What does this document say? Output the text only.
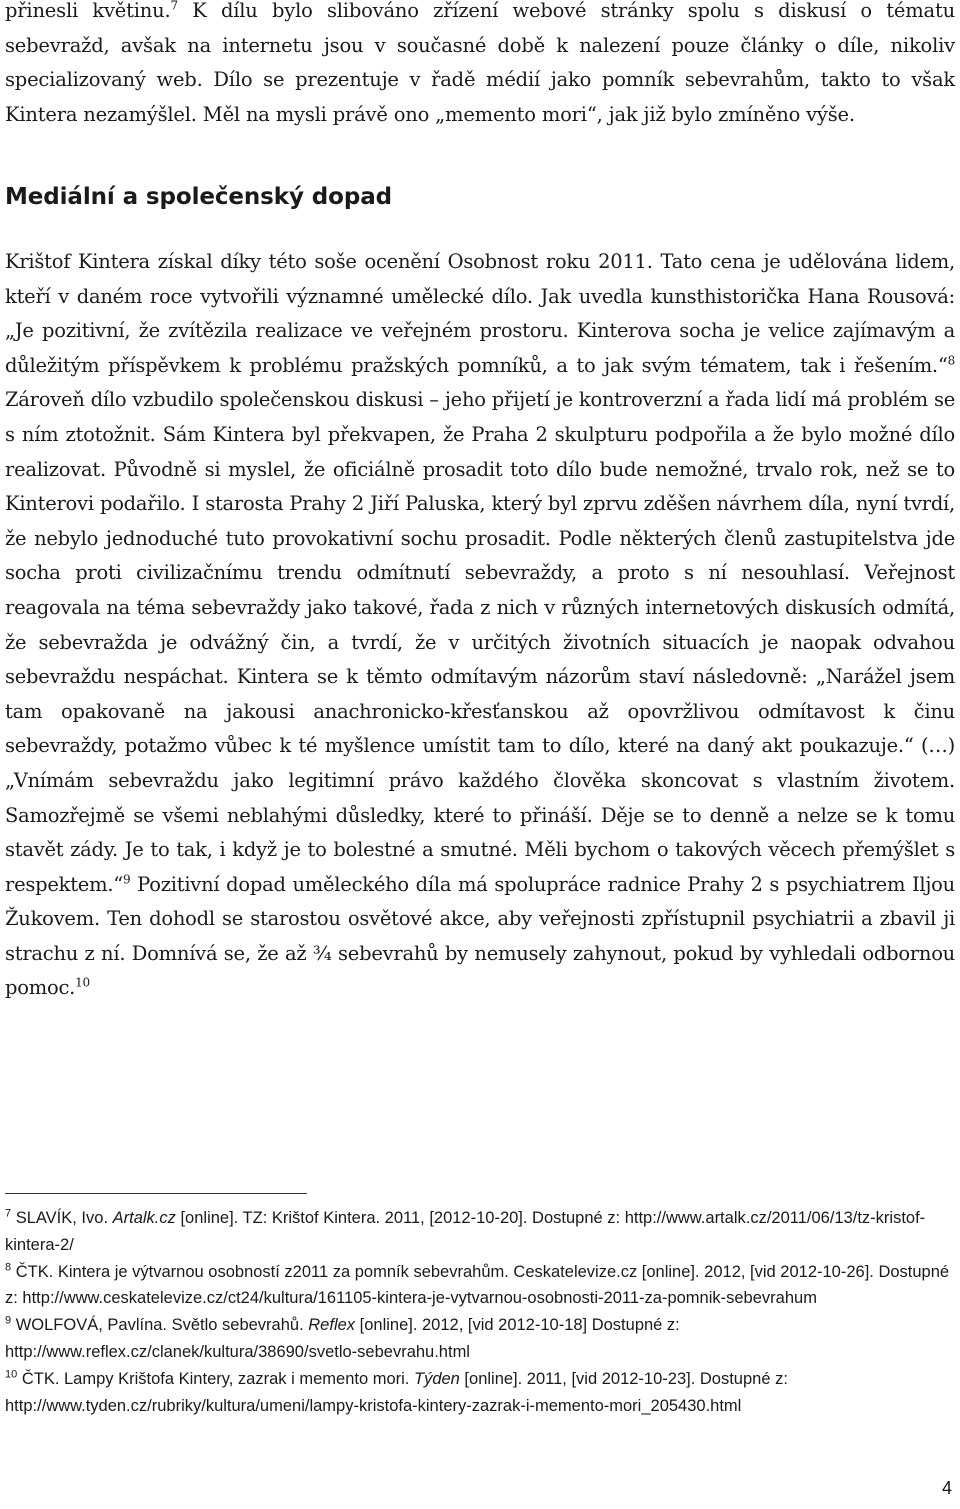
přinesli květinu.$^7$ K dílu bylo slibováno zřízení webové stránky spolu s diskusí o tématu sebevražd, avšak na internetu jsou v současné době k nalezení pouze články o díle, nikoliv specializovaný web. Dílo se prezentuje v řadě médií jako pomník sebevrahům, takto to však Kintera nezamýšlel. Měl na mysli právě ono „memento mori“, jak již bylo zmíněno výše.

Mediální a společenský dopad

Krištof Kintera získal díky této soše ocenění Osobnost roku 2011. Tato cena je udělována lidem, kteří v daném roce vytvořili významné umělecké dílo. Jak uvedla kunsthistorička Hana Rousová: „Je pozitivní, že zvítězila realizace ve veřejném prostoru. Kinterova socha je velice zajímavým a důležitým příspěvkem k problému pražských pomníků, a to jak svým tématem, tak i řešením.“$^8$ Zároveň dílo vzbudilo společenskou diskusi – jeho přijetí je kontroverzní a řada lidí má problém se s ním ztotožnit. Sám Kintera byl překvapen, že Praha 2 skulpturu podpořila a že bylo možné dílo realizovat. Původně si myslel, že oficiálně prosadit toto dílo bude nemožné, trvalo rok, než se to Kinterovi podařilo. I starosta Prahy 2 Jiří Paluska, který byl zprvu zděšen návrhem díla, nyní tvrdí, že nebylo jednoduché tuto provokativní sochu prosadit. Podle některých členů zastupitelstva jde socha proti civilizačnímu trendu odmítnutí sebevraždy, a proto s ní nesouhlasí. Veřejnost reagovala na téma sebevraždy jako takové, řada z nich v různých internetových diskusích odmítá, že sebevražda je odvážný čin, a tvrdí, že v určitých životních situacích je naopak odvahou sebevraždu nespáchat. Kintera se k těmto odmítavým názorům staví následovně: „Narážel jsem tam opakovaně na jakousi anachronicko-křesťanskou až opovržlivou odmítavost k činu sebevraždy, potažmo vůbec k té myšlence umístit tam to dílo, které na daný akt poukazuje.“ (…) „Vnímám sebevraždu jako legitimní právo každého člověka skoncovat s vlastním životem. Samozřejmě se všemi neblahými důsledky, které to přináší. Děje se to denně a nelze se k tomu stavět zády. Je to tak, i když je to bolestné a smutné. Měli bychom o takových věcech přemýšlet s respektem.“$^9$ Pozitivní dopad uměleckého díla má spolupráce radnice Prahy 2 s psychiatrem Iljou Žukovem. Ten dohodl se starostou osvětové akce, aby veřejnosti zpřístupnil psychiatrii a zbavil ji strachu z ní. Domnívá se, že až ¾ sebevrahů by nemusely zahynout, pokud by vyhledali odbornou pomoc.$^{10}$

$^7$ SLAVÍK, Ivo. Artalk.cz [online]. TZ: Krištof Kintera. 2011, [2012-10-20]. Dostupné z: http://www.artalk.cz/2011/06/13/tz-kristof-kintera-2/

$^8$ ČTK. Kintera je výtvarnou osobností z2011 za pomník sebevrahům. Ceskatelevize.cz [online]. 2012, [vid 2012-10-26]. Dostupné z: http://www.ceskatelevize.cz/ct24/kultura/161105-kintera-je-vytvarnou-osobnosti-2011-za-pomnik-sebevrahum

$^9$ WOLFOVÁ, Pavlína. Světlo sebevrahů. Reflex [online]. 2012, [vid 2012-10-18] Dostupné z: http://www.reflex.cz/clanek/kultura/38690/svetlo-sebevrahu.html

$^{10}$ ČTK. Lampy Krištofa Kintery, zazrak i memento mori. Týden [online]. 2011, [vid 2012-10-23]. Dostupné z: http://www.tyden.cz/rubriky/kultura/umeni/lampy-kristofa-kintery-zazrak-i-memento-mori_205430.html

4
